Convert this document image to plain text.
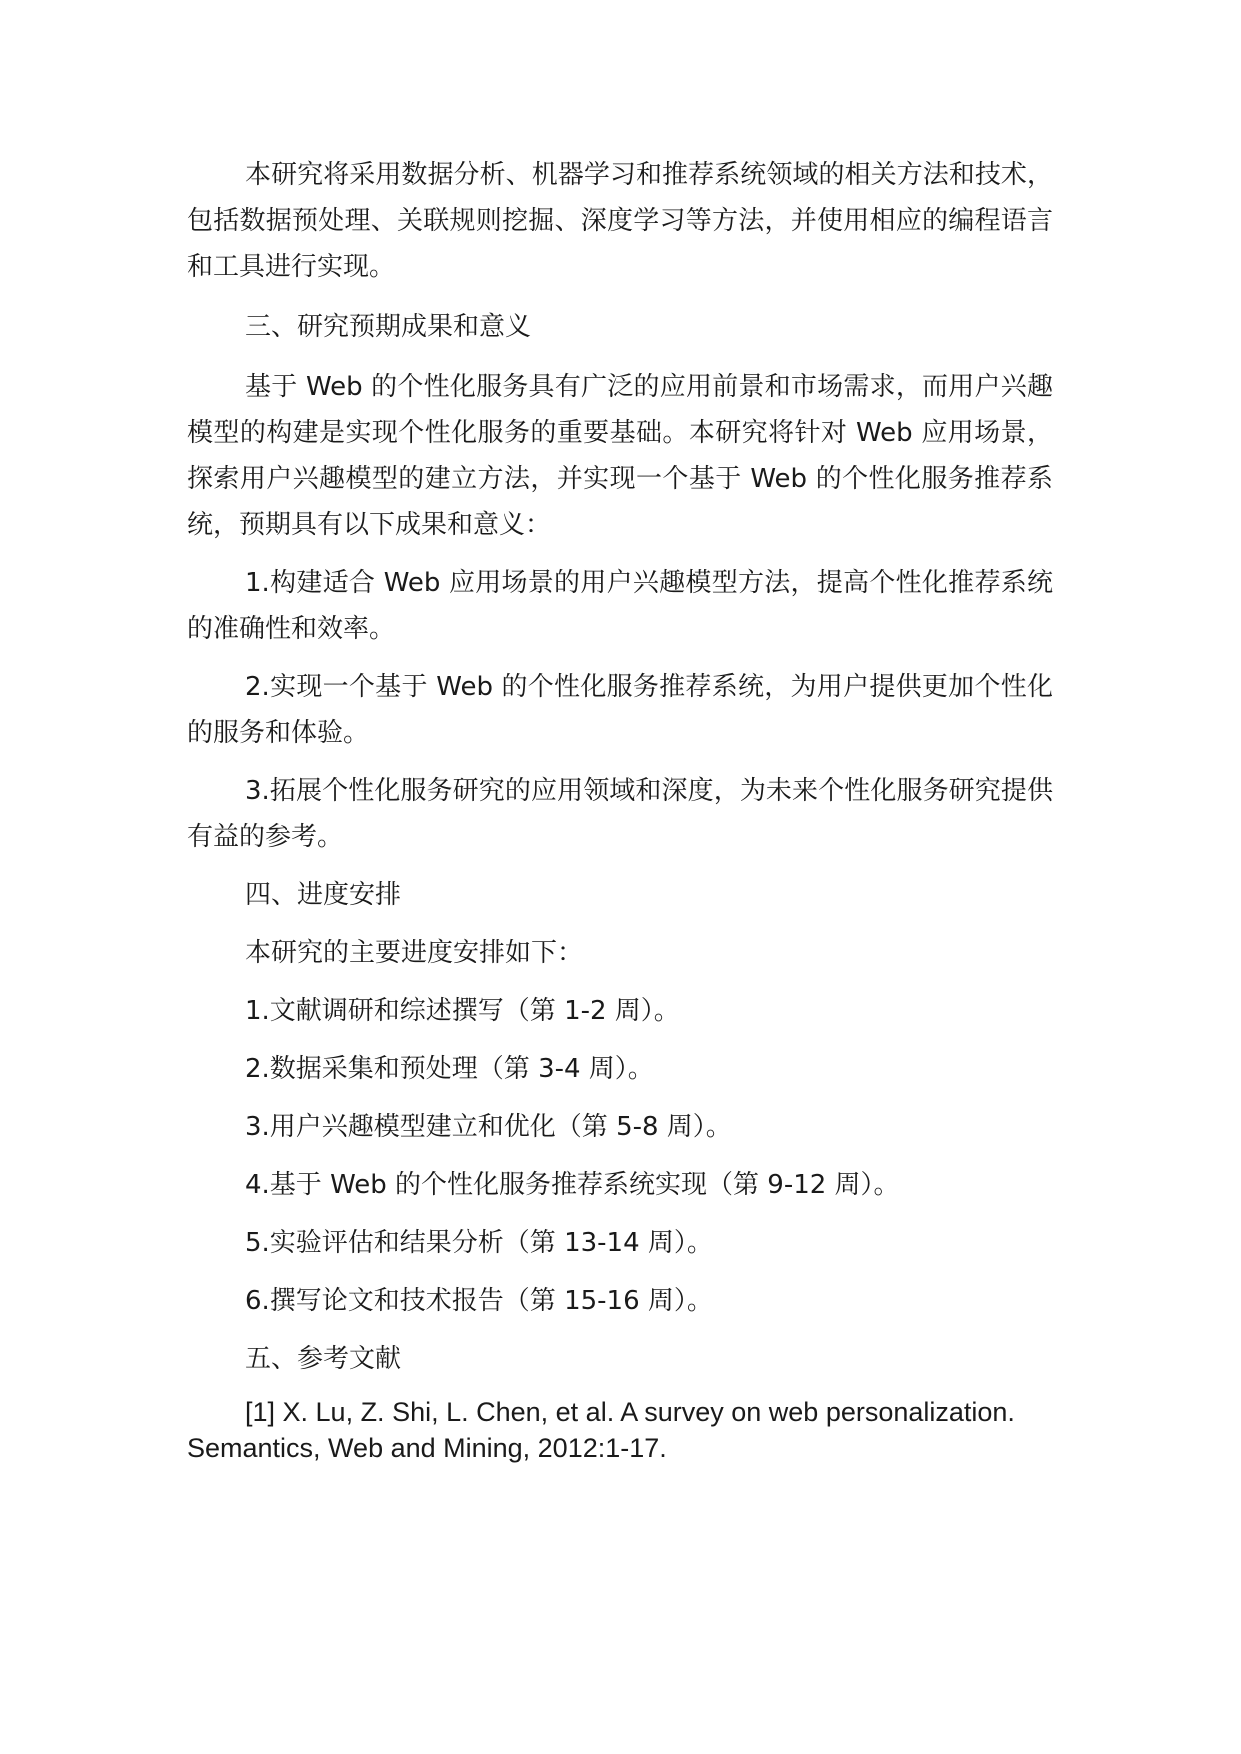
本研究将采用数据分析、机器学习和推荐系统领域的相关方法和技术，包括数据预处理、关联规则挖掘、深度学习等方法，并使用相应的编程语言和工具进行实现。

三、研究预期成果和意义

基于 Web 的个性化服务具有广泛的应用前景和市场需求，而用户兴趣模型的构建是实现个性化服务的重要基础。本研究将针对 Web 应用场景，探索用户兴趣模型的建立方法，并实现一个基于 Web 的个性化服务推荐系统，预期具有以下成果和意义：

1.构建适合 Web 应用场景的用户兴趣模型方法，提高个性化推荐系统的准确性和效率。

2.实现一个基于 Web 的个性化服务推荐系统，为用户提供更加个性化的服务和体验。

3.拓展个性化服务研究的应用领域和深度，为未来个性化服务研究提供有益的参考。

四、进度安排

本研究的主要进度安排如下：

1.文献调研和综述撰写（第 1-2 周）。

2.数据采集和预处理（第 3-4 周）。

3.用户兴趣模型建立和优化（第 5-8 周）。

4.基于 Web 的个性化服务推荐系统实现（第 9-12 周）。

5.实验评估和结果分析（第 13-14 周）。

6.撰写论文和技术报告（第 15-16 周）。

五、参考文献

[1] X. Lu, Z. Shi, L. Chen, et al. A survey on web personalization. Semantics, Web and Mining, 2012:1-17.
